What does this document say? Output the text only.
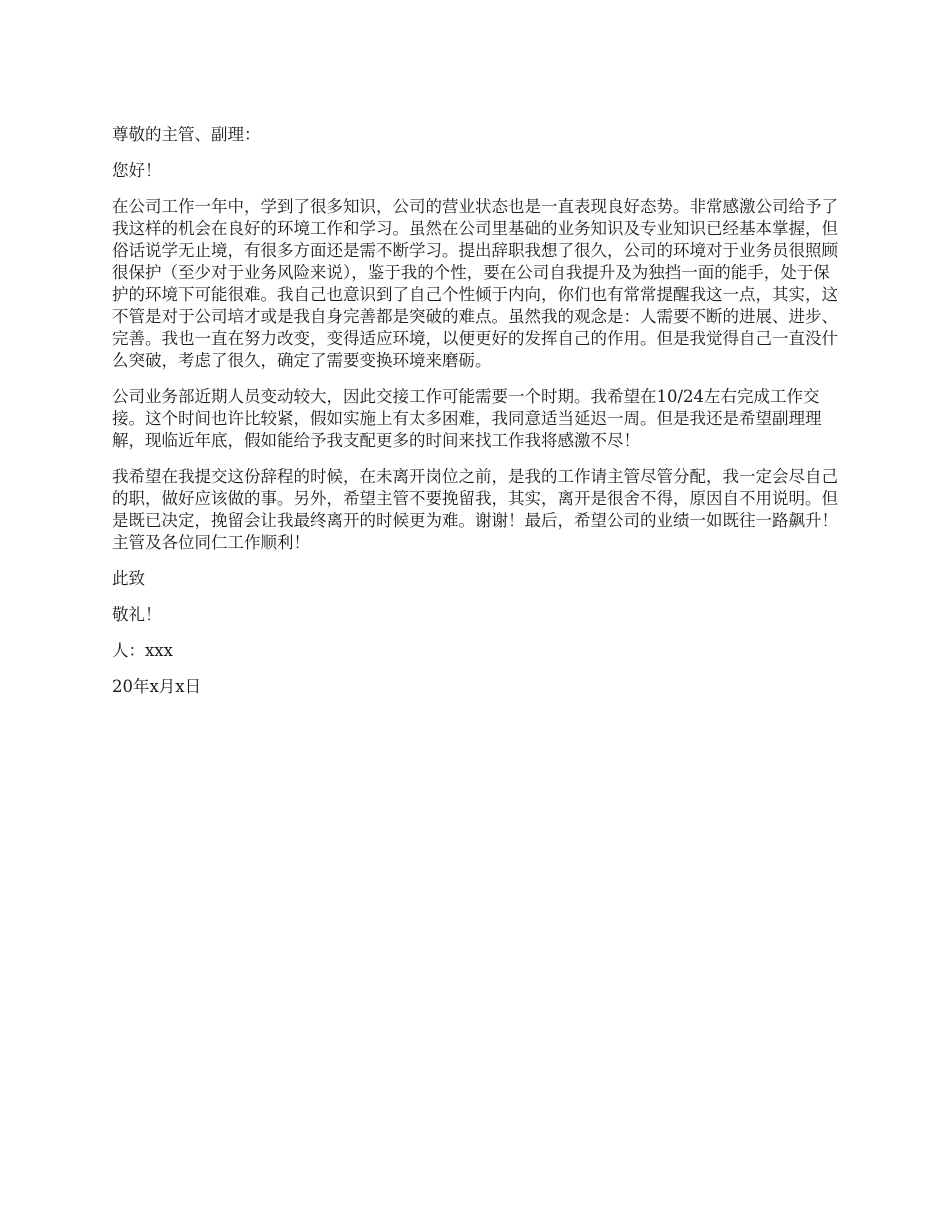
尊敬的主管、副理：

您好！

在公司工作一年中，学到了很多知识，公司的营业状态也是一直表现良好态势。非常感激公司给予了我这样的机会在良好的环境工作和学习。虽然在公司里基础的业务知识及专业知识已经基本掌握，但俗话说学无止境，有很多方面还是需不断学习。提出辞职我想了很久，公司的环境对于业务员很照顾很保护（至少对于业务风险来说），鉴于我的个性，要在公司自我提升及为独挡一面的能手，处于保护的环境下可能很难。我自己也意识到了自己个性倾于内向，你们也有常常提醒我这一点，其实，这不管是对于公司培才或是我自身完善都是突破的难点。虽然我的观念是：人需要不断的进展、进步、完善。我也一直在努力改变，变得适应环境，以便更好的发挥自己的作用。但是我觉得自己一直没什么突破，考虑了很久，确定了需要变换环境来磨砺。

公司业务部近期人员变动较大，因此交接工作可能需要一个时期。我希望在10/24左右完成工作交接。这个时间也许比较紧，假如实施上有太多困难，我同意适当延迟一周。但是我还是希望副理理解，现临近年底，假如能给予我支配更多的时间来找工作我将感激不尽！

我希望在我提交这份辞程的时候，在未离开岗位之前，是我的工作请主管尽管分配，我一定会尽自己的职，做好应该做的事。另外，希望主管不要挽留我，其实，离开是很舍不得，原因自不用说明。但是既已决定，挽留会让我最终离开的时候更为难。谢谢！最后，希望公司的业绩一如既往一路飙升！主管及各位同仁工作顺利！

此致

敬礼！

人：xxx

20年x月x日
